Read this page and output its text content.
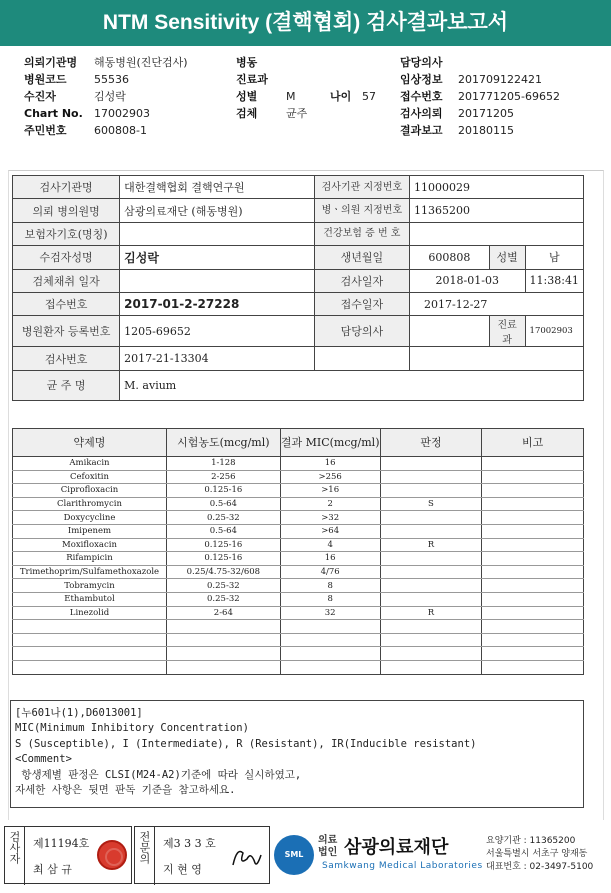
NTM Sensitivity (결핵협회) 검사결과보고서
의뢰기관명 해동병원(진단검사)	병동	담당의사
병원코드 55536	진료과	임상정보 201709122421
수진자	김성락	성별	M	나이 57 접수번호 201771205-69652
Chart No. 17002903	검체	균주	검사의뢰 20171205
주민번호 600808-1	결과보고 20180115
검사기관명	대한결핵협회 결핵연구원	검사기관 지정번호	11000029		
의뢰 병의원명	삼광의료재단 (해동병원)	병ㆍ의원 지정번호	11365200		
보험자기호(명칭)		건강보험 증 번 호			
수검자성명	김성락	생년월일	600808	성별	남
검체채취 일자		검사일자	2018-01-03		11:38:41
접수번호	2017-01-2-27228	접수일자	2017-12-27		
병원환자 등록번호	1205-69652	담당의사		진료과	17002903
검사번호	2017-21-13304				
균 주 명	M. avium				
약제명	시험농도(mcg/ml)	결과 MIC(mcg/ml)	판정	비고
Amikacin	1-128	16		
Cefoxitin	2-256	>256		
Ciprofloxacin	0.125-16	>16		
Clarithromycin	0.5-64	2	S	
Doxycycline	0.25-32	>32		
Imipenem	0.5-64	>64		
Moxifloxacin	0.125-16	4	R	
Rifampicin	0.125-16	16		
Trimethoprim/Sulfamethoxazole	0.25/4.75-32/608	4/76		
Tobramycin	0.25-32	8		
Ethambutol	0.25-32	8		
Linezolid	2-64	32	R	

[누601나(1),D6013001]
MIC(Minimum Inhibitory Concentration)
S (Susceptible), I (Intermediate), R (Resistant), IR(Inducible resistant)
<Comment>
항생제별 판정은 CLSI(M24-A2)기준에 따라 실시하였고,
자세한 사항은 뒷면 판독 기준을 참고하세요.
검사자	제11194호
최 삼 규
전문의	제3 3 3 호
지 현 영
SML
의료 법인 삼광의료재단
Samkwang Medical Laboratories
요양기관 : 11365200
서울특별시 서초구 양재동
대표번호 : 02-3497-5100
